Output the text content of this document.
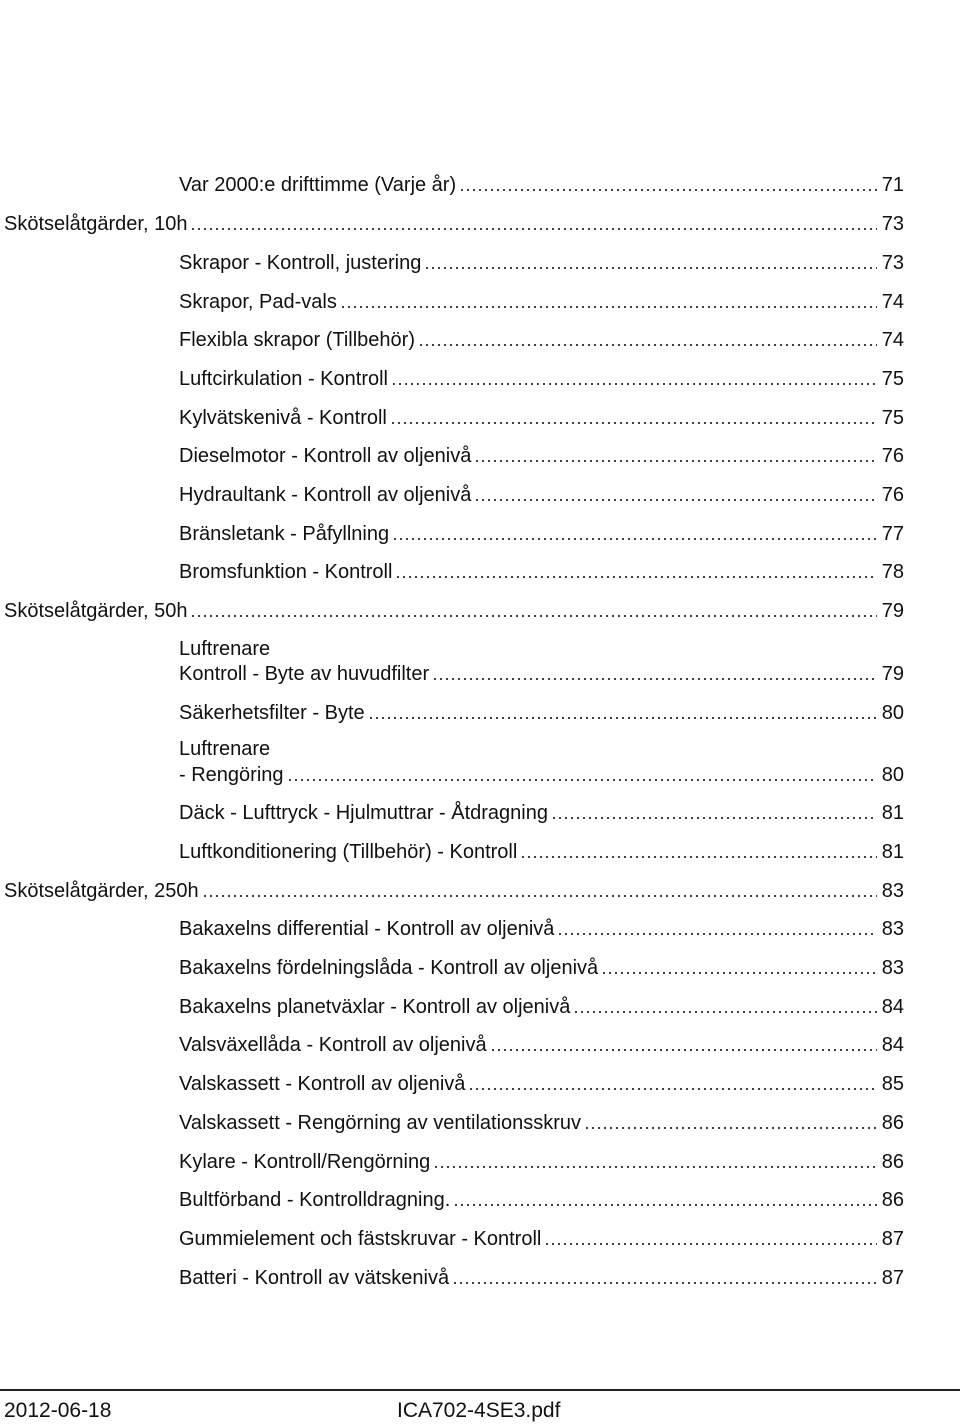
Var 2000:e drifttimme (Varje år)	71
Skötselåtgärder, 10h	73
Skrapor - Kontroll, justering	73
Skrapor, Pad-vals	74
Flexibla skrapor (Tillbehör)	74
Luftcirkulation - Kontroll	75
Kylvätskenivå - Kontroll	75
Dieselmotor - Kontroll av oljenivå	76
Hydraultank - Kontroll av oljenivå	76
Bränsletank - Påfyllning	77
Bromsfunktion - Kontroll	78
Skötselåtgärder, 50h	79
Luftrenare
Kontroll - Byte av huvudfilter	79
Säkerhetsfilter - Byte	80
Luftrenare
- Rengöring	80
Däck - Lufttryck - Hjulmuttrar - Åtdragning	81
Luftkonditionering (Tillbehör) - Kontroll	81
Skötselåtgärder, 250h	83
Bakaxelns differential - Kontroll av oljenivå	83
Bakaxelns fördelningslåda - Kontroll av oljenivå	83
Bakaxelns planetväxlar - Kontroll av oljenivå	84
Valsväxellåda - Kontroll av oljenivå	84
Valskassett - Kontroll av oljenivå	85
Valskassett - Rengörning av ventilationsskruv	86
Kylare - Kontroll/Rengörning	86
Bultförband - Kontrolldragning.	86
Gummielement och fästskruvar - Kontroll	87
Batteri - Kontroll av vätskenivå	87
2012-06-18	ICA702-4SE3.pdf
